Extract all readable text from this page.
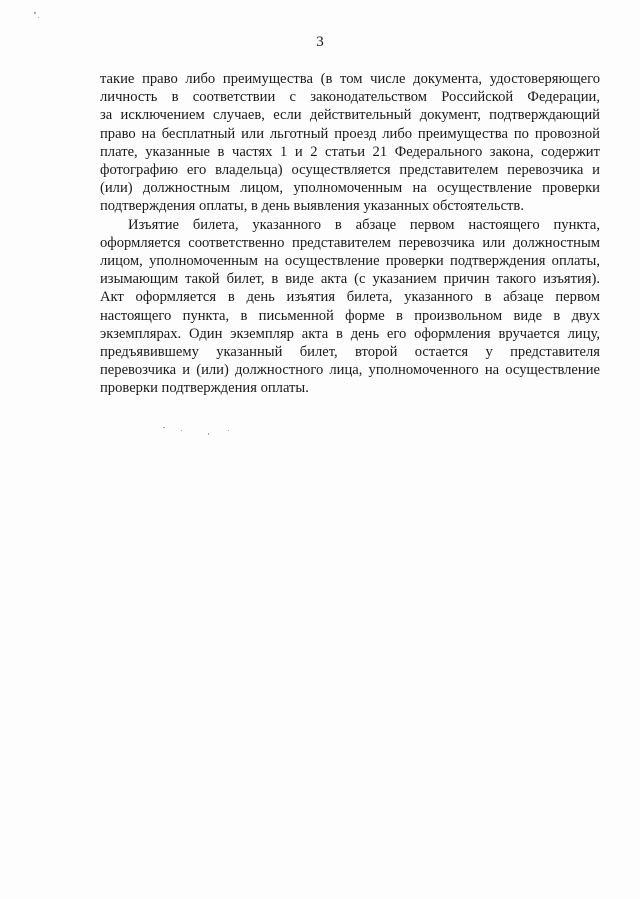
3

такие право либо преимущества (в том числе документа, удостоверяющего
личность в соответствии с законодательством Российской Федерации,
за исключением случаев, если действительный документ, подтверждающий
право на бесплатный или льготный проезд либо преимущества по провозной
плате, указанные в частях 1 и 2 статьи 21 Федерального закона, содержит
фотографию его владельца) осуществляется представителем перевозчика и
(или) должностным лицом, уполномоченным на осуществление проверки
подтверждения оплаты, в день выявления указанных обстоятельств.

Изъятие билета, указанного в абзаце первом настоящего пункта,
оформляется соответственно представителем перевозчика или должностным
лицом, уполномоченным на осуществление проверки подтверждения оплаты,
изымающим такой билет, в виде акта (с указанием причин такого изъятия).
Акт оформляется в день изъятия билета, указанного в абзаце первом
настоящего пункта, в письменной форме в произвольном виде в двух
экземплярах. Один экземпляр акта в день его оформления вручается лицу,
предъявившему указанный билет, второй остается у представителя
перевозчика и (или) должностного лица, уполномоченного на осуществление
проверки подтверждения оплаты.
